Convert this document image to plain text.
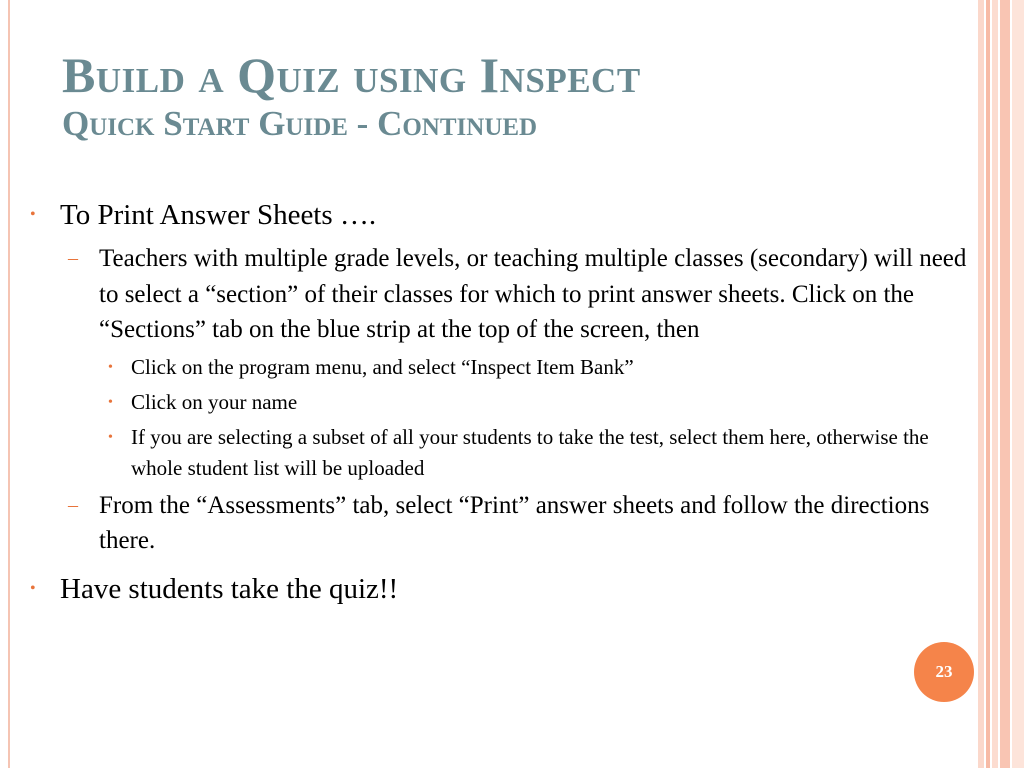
Build a Quiz using Inspect
Quick Start Guide - Continued
• To Print Answer Sheets ….
– Teachers with multiple grade levels, or teaching multiple classes (secondary) will need to select a “section” of their classes for which to print answer sheets. Click on the “Sections” tab on the blue strip at the top of the screen, then
• Click on the program menu, and select “Inspect Item Bank”
• Click on your name
• If you are selecting a subset of all your students to take the test, select them here, otherwise the whole student list will be uploaded
– From the “Assessments” tab, select “Print” answer sheets and follow the directions there.
• Have students take the quiz!!
23
